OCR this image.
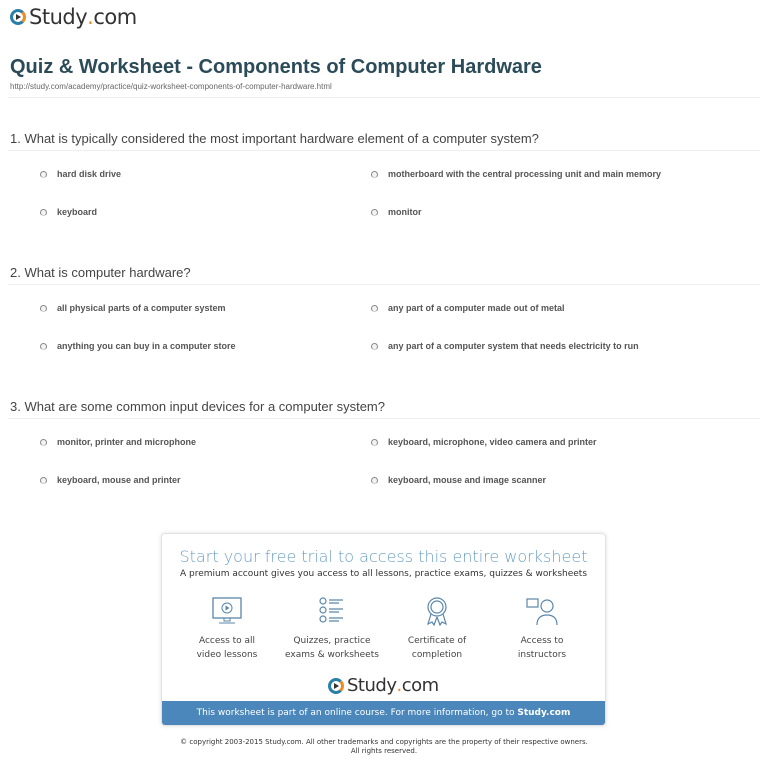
Study . com
Quiz & Worksheet - Components of Computer Hardware
http://study.com/academy/practice/quiz-worksheet-components-of-computer-hardware.html
1. What is typically considered the most important hardware element of a computer system?
hard disk drive	motherboard with the central processing unit and main memory
keyboard	monitor
2. What is computer hardware?
all physical parts of a computer system	any part of a computer made out of metal
anything you can buy in a computer store	any part of a computer system that needs electricity to run
3. What are some common input devices for a computer system?
monitor, printer and microphone	keyboard, microphone, video camera and printer
keyboard, mouse and printer	keyboard, mouse and image scanner
Start your free trial to access this entire worksheet
A premium account gives you access to all lessons, practice exams, quizzes & worksheets
Access to all
video lessons
Quizzes, practice
exams & worksheets
Certificate of
completion
Access to
instructors
Study . com
This worksheet is part of an online course. For more information, go to Study.com
© copyright 2003-2015 Study.com. All other trademarks and copyrights are the property of their respective owners.
All rights reserved.
